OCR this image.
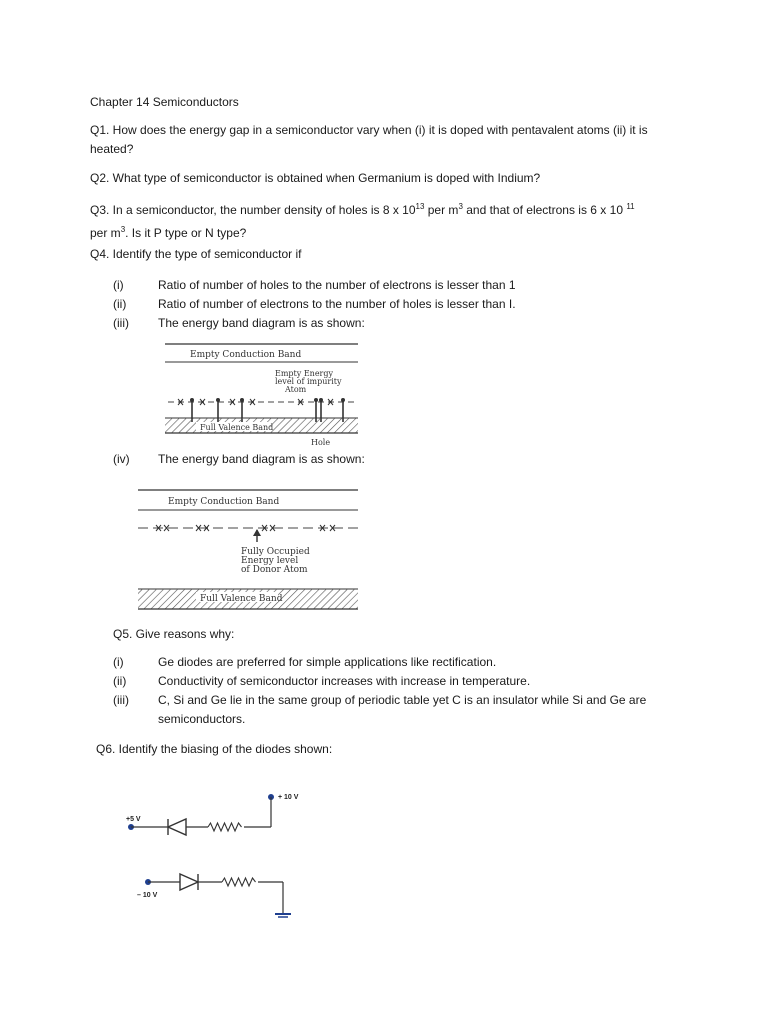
Chapter 14 Semiconductors
Q1. How does the energy gap in a semiconductor vary when (i) it is doped with pentavalent atoms (ii) it is heated?
Q2. What type of semiconductor is obtained when Germanium is doped with Indium?
Q3. In a semiconductor, the number density of holes is 8 x $10^{13}$ per $m^3$ and that of electrons is 6 x 10 $^{11}$
per $m^3$. Is it P type or N type?
Q4. Identify the type of semiconductor if
(i)	Ratio of number of holes to the number of electrons is lesser than 1
(ii)	Ratio of number of electrons to the number of holes is lesser than I.
(iii) The energy band diagram is as shown:
Empty Conduction Band
Empty Energy level of impurity Atom
Full Valence Band
Hole
(iv) The energy band diagram is as shown:
Empty Conduction Band
Fully Occupied Energy level of Donor Atom
Full Valence Band
Q5. Give reasons why:
(i)	Ge diodes are preferred for simple applications like rectification.
(ii)	Conductivity of semiconductor increases with increase in temperature.
(iii) C, Si and Ge lie in the same group of periodic table yet C is an insulator while Si and Ge are semiconductors.
Q6. Identify the biasing of the diodes shown:
+ 10 V
+5 V
– 10 V
